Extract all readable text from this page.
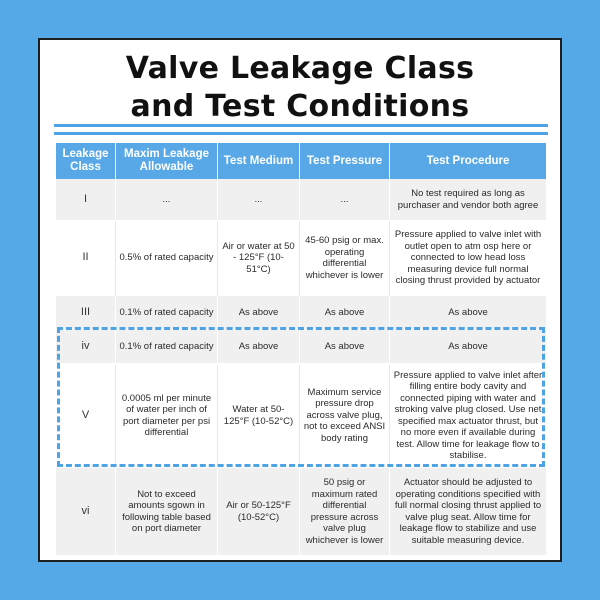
Valve Leakage Class
and Test Conditions
Leakage Class	Maxim Leakage Allowable	Test Medium	Test Pressure	Test Procedure
I	...	...	...	No test required as long as purchaser and vendor both agree
II	0.5% of rated capacity	Air or water at 50 - 125°F (10-51°C)	45-60 psig or max. operating differential whichever is lower	Pressure applied to valve inlet with outlet open to atm osp here or connected to low head loss measuring device full normal closing thrust provided by actuator
III	0.1% of rated capacity	As above	As above	As above
iv	0.1% of rated capacity	As above	As above	As above
V	0.0005 ml per minute of water per inch of port diameter per psi differential	Water at 50-125°F (10-52°C)	Maximum service pressure drop across valve plug, not to exceed ANSI body rating	Pressure applied to valve inlet after filling entire body cavity and connected piping with water and stroking valve plug closed. Use net specified max actuator thrust, but no more even if available during test. Allow time for leakage flow to stabilise.
vi	Not to exceed amounts sgown in following table based on port diameter	Air or 50-125°F (10-52°C)	50 psig or maximum rated differential pressure across valve plug whichever is lower	Actuator should be adjusted to operating conditions specified with full normal closing thrust applied to valve plug seat. Allow time for leakage flow to stabilize and use suitable measuring device.
